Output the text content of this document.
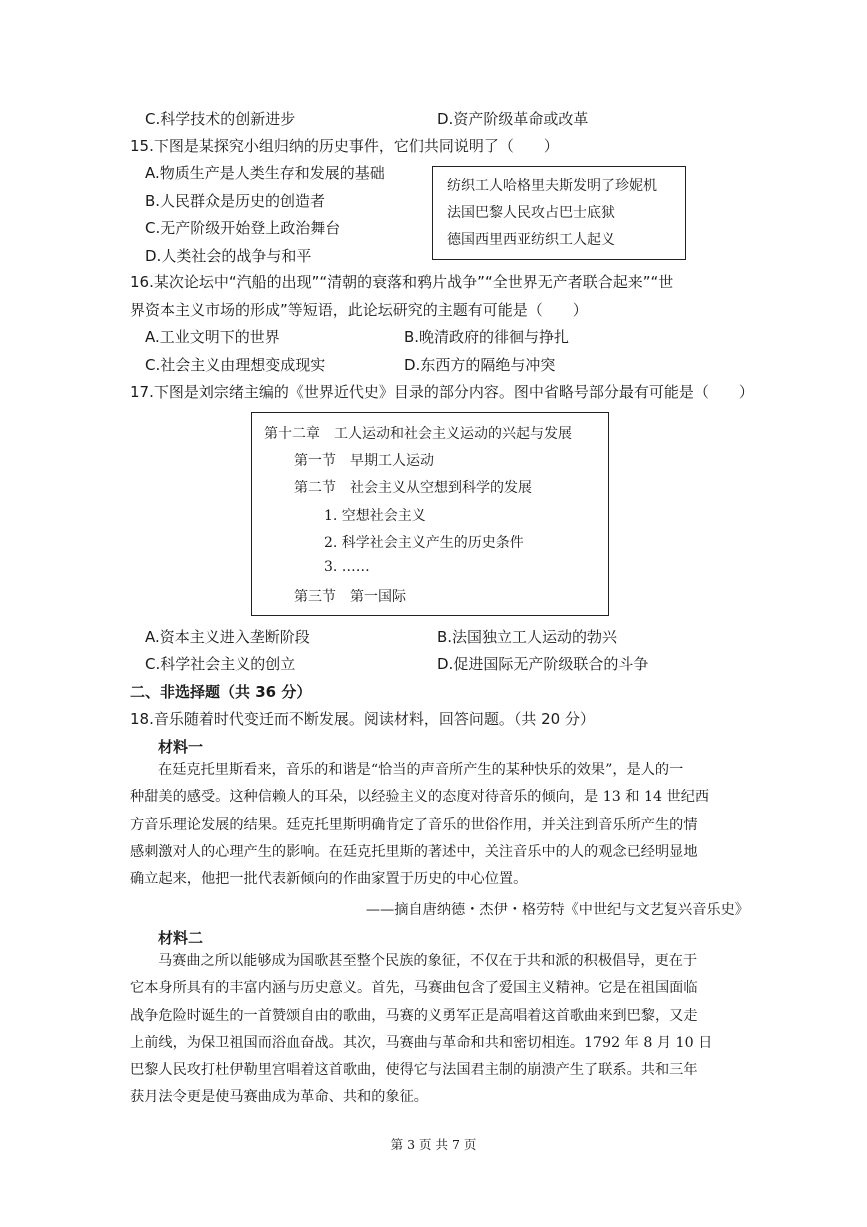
C.科学技术的创新进步	D.资产阶级革命或改革
15.下图是某探究小组归纳的历史事件，它们共同说明了（　　）
A.物质生产是人类生存和发展的基础
B.人民群众是历史的创造者
C.无产阶级开始登上政治舞台
D.人类社会的战争与和平
纺织工人哈格里夫斯发明了珍妮机
法国巴黎人民攻占巴士底狱
德国西里西亚纺织工人起义
16.某次论坛中“汽船的出现”“清朝的衰落和鸦片战争”“全世界无产者联合起来”“世
界资本主义市场的形成”等短语，此论坛研究的主题有可能是（　　）
A.工业文明下的世界	B.晚清政府的徘徊与挣扎
C.社会主义由理想变成现实	D.东西方的隔绝与冲突
17.下图是刘宗绪主编的《世界近代史》目录的部分内容。图中省略号部分最有可能是（　　）
第十二章　工人运动和社会主义运动的兴起与发展
第一节　早期工人运动
第二节　社会主义从空想到科学的发展
1. 空想社会主义
2. 科学社会主义产生的历史条件
3. ……
第三节　第一国际
A.资本主义进入垄断阶段	B.法国独立工人运动的勃兴
C.科学社会主义的创立	D.促进国际无产阶级联合的斗争
二、非选择题（共 36 分）
18.音乐随着时代变迁而不断发展。阅读材料，回答问题。（共 20 分）
材料一
在廷克托里斯看来，音乐的和谐是“恰当的声音所产生的某种快乐的效果”，是人的一
种甜美的感受。这种信赖人的耳朵，以经验主义的态度对待音乐的倾向，是 13 和 14 世纪西
方音乐理论发展的结果。廷克托里斯明确肯定了音乐的世俗作用，并关注到音乐所产生的情
感刺激对人的心理产生的影响。在廷克托里斯的著述中，关注音乐中的人的观念已经明显地
确立起来，他把一批代表新倾向的作曲家置于历史的中心位置。
——摘自唐纳德・杰伊・格劳特《中世纪与文艺复兴音乐史》
材料二
马赛曲之所以能够成为国歌甚至整个民族的象征，不仅在于共和派的积极倡导，更在于
它本身所具有的丰富内涵与历史意义。首先，马赛曲包含了爱国主义精神。它是在祖国面临
战争危险时诞生的一首赞颂自由的歌曲，马赛的义勇军正是高唱着这首歌曲来到巴黎，又走
上前线，为保卫祖国而浴血奋战。其次，马赛曲与革命和共和密切相连。1792 年 8 月 10 日
巴黎人民攻打杜伊勒里宫唱着这首歌曲，使得它与法国君主制的崩溃产生了联系。共和三年
获月法令更是使马赛曲成为革命、共和的象征。
第 3 页 共 7 页
